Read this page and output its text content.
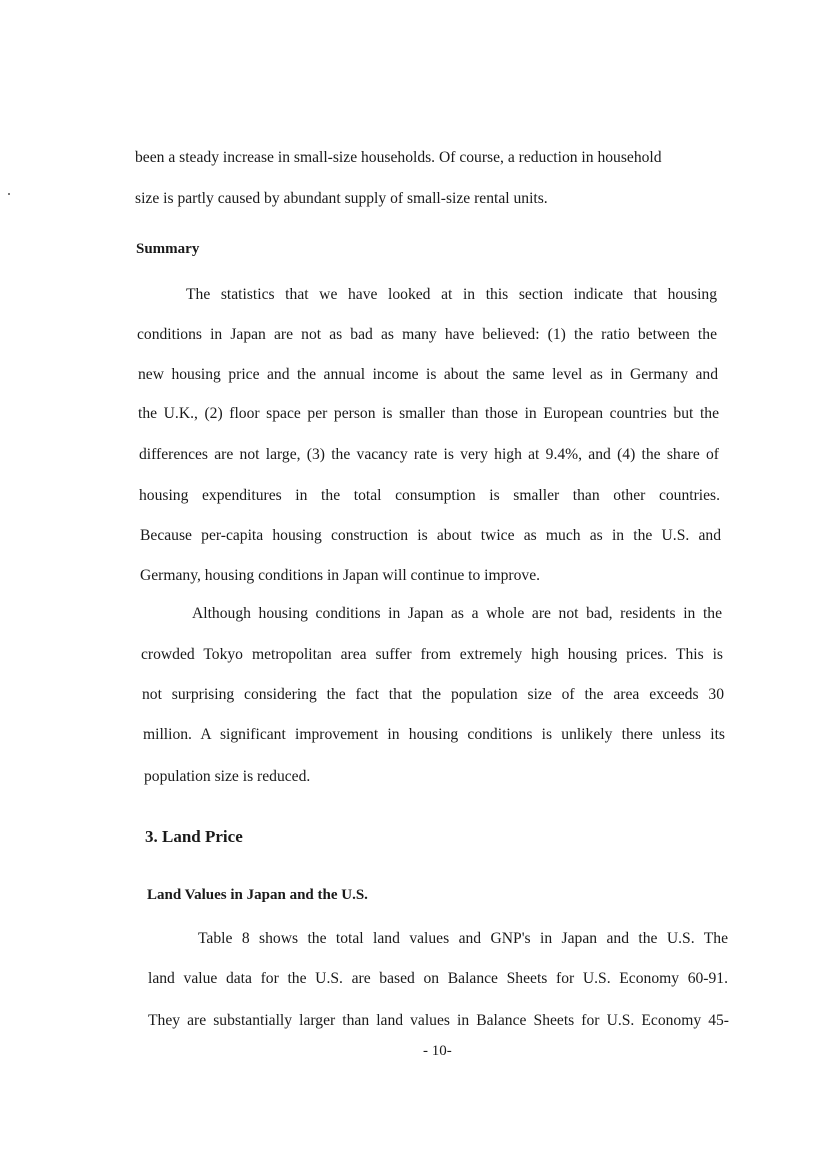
been a steady increase in small-size households. Of course, a reduction in household
size is partly caused by abundant supply of small-size rental units.
Summary
The statistics that we have looked at in this section indicate that housing
conditions in Japan are not as bad as many have believed: (1) the ratio between the
new housing price and the annual income is about the same level as in Germany and
the U.K., (2) floor space per person is smaller than those in European countries but the
differences are not large, (3) the vacancy rate is very high at 9.4%, and (4) the share of
housing expenditures in the total consumption is smaller than other countries.
Because per-capita housing construction is about twice as much as in the U.S. and
Germany, housing conditions in Japan will continue to improve.
Although housing conditions in Japan as a whole are not bad, residents in the
crowded Tokyo metropolitan area suffer from extremely high housing prices. This is
not surprising considering the fact that the population size of the area exceeds 30
million. A significant improvement in housing conditions is unlikely there unless its
population size is reduced.
3. Land Price
Land Values in Japan and the U.S.
Table 8 shows the total land values and GNP's in Japan and the U.S. The
land value data for the U.S. are based on Balance Sheets for U.S. Economy 60-91.
They are substantially larger than land values in Balance Sheets for U.S. Economy 45-
- 10-
